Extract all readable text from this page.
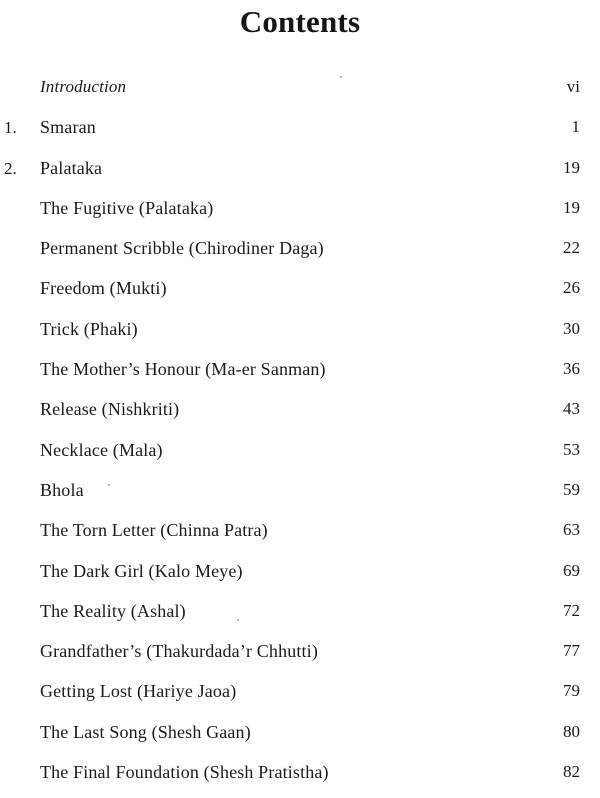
Contents
Introduction	vi
1.	Smaran	1
2.	Palataka	19
The Fugitive (Palataka)	19
Permanent Scribble (Chirodiner Daga)	22
Freedom (Mukti)	26
Trick (Phaki)	30
The Mother’s Honour (Ma-er Sanman)	36
Release (Nishkriti)	43
Necklace (Mala)	53
Bhola	59
The Torn Letter (Chinna Patra)	63
The Dark Girl (Kalo Meye)	69
The Reality (Ashal)	72
Grandfather’s (Thakurdada’r Chhutti)	77
Getting Lost (Hariye Jaoa)	79
The Last Song (Shesh Gaan)	80
The Final Foundation (Shesh Pratistha)	82
